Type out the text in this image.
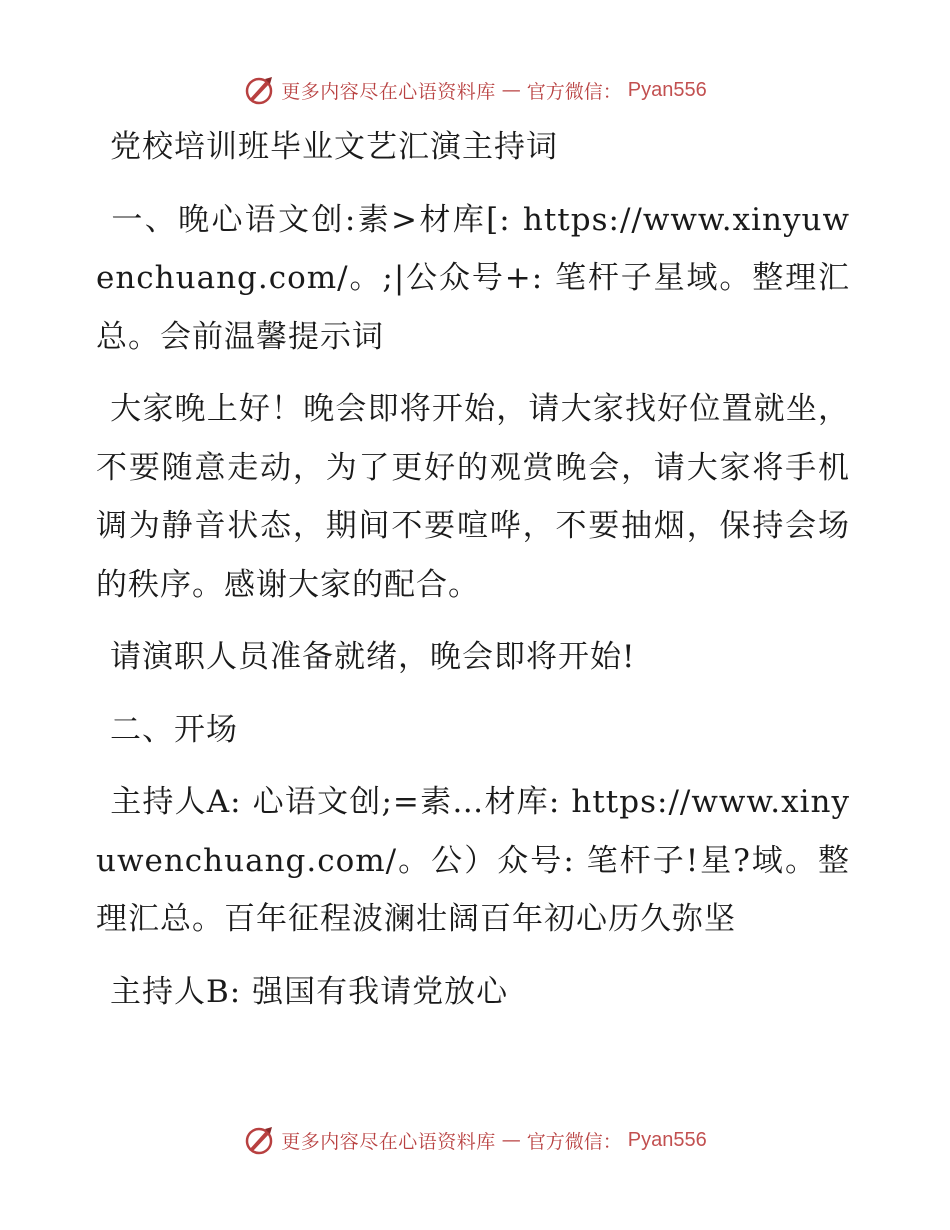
更多内容尽在心语资料库 — 官方微信： Pyan556

党校培训班毕业文艺汇演主持词

一、晚心语文创:素>材库[: https://www.xinyuwenchuang.com/。;|公众号+: 笔杆子星域。整理汇总。会前温馨提示词

大家晚上好！晚会即将开始，请大家找好位置就坐，不要随意走动，为了更好的观赏晚会，请大家将手机调为静音状态，期间不要喧哗，不要抽烟，保持会场的秩序。感谢大家的配合。

请演职人员准备就绪，晚会即将开始!

二、开场

主持人A: 心语文创;=素…材库: https://www.xinyuwenchuang.com/。公）众号: 笔杆子!星?域。整理汇总。百年征程波澜壮阔百年初心历久弥坚

主持人B: 强国有我请党放心

更多内容尽在心语资料库 — 官方微信： Pyan556
